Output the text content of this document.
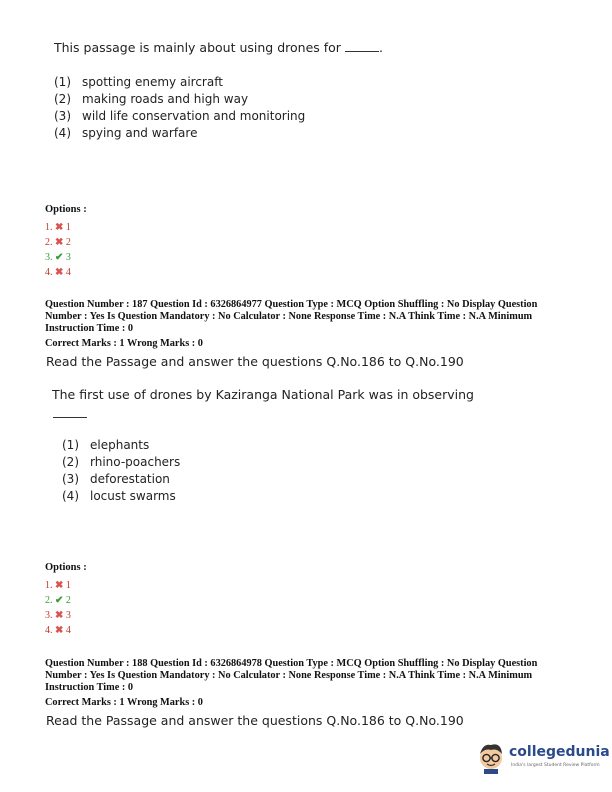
This passage is mainly about using drones for	.
(1) spotting enemy aircraft
(2) making roads and high way
(3) wild life conservation and monitoring
(4) spying and warfare
Options :
1. ✖ 1
2. ✖ 2
3. ✔ 3
4. ✖ 4
Question Number : 187 Question Id : 6326864977 Question Type : MCQ Option Shuffling : No Display Question
Number : Yes Is Question Mandatory : No Calculator : None Response Time : N.A Think Time : N.A Minimum
Instruction Time : 0
Correct Marks : 1 Wrong Marks : 0
Read the Passage and answer the questions Q.No.186 to Q.No.190
The first use of drones by Kaziranga National Park was in observing
(1) elephants
(2) rhino-poachers
(3) deforestation
(4) locust swarms
Options :
1. ✖ 1
2. ✔ 2
3. ✖ 3
4. ✖ 4
Question Number : 188 Question Id : 6326864978 Question Type : MCQ Option Shuffling : No Display Question
Number : Yes Is Question Mandatory : No Calculator : None Response Time : N.A Think Time : N.A Minimum
Instruction Time : 0
Correct Marks : 1 Wrong Marks : 0
Read the Passage and answer the questions Q.No.186 to Q.No.190
collegedunia
India's largest Student Review Platform
